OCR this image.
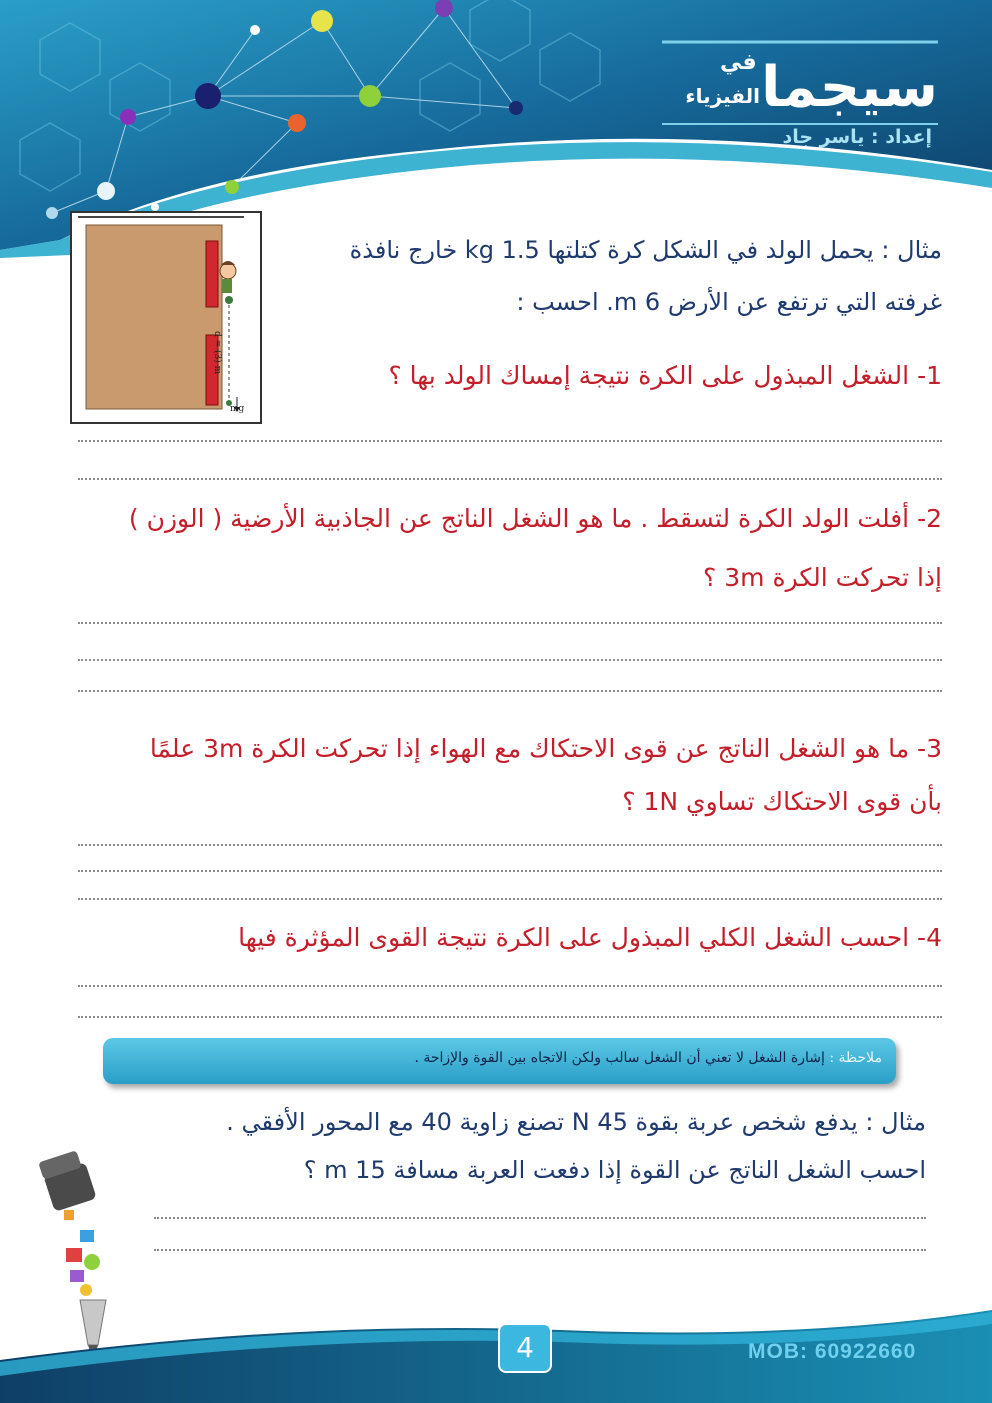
سيجما
في
الفيزياء
إعداد : ياسر جاد
d = (3) m
mg
مثال : يحمل الولد في الشكل كرة كتلتها 1.5 kg خارج نافذة
غرفته التي ترتفع عن الأرض 6 m. احسب :
1- الشغل المبذول على الكرة نتيجة إمساك الولد بها ؟
2- أفلت الولد الكرة لتسقط . ما هو الشغل الناتج عن الجاذبية الأرضية ( الوزن )
إذا تحركت الكرة 3m ؟
3- ما هو الشغل الناتج عن قوى الاحتكاك مع الهواء إذا تحركت الكرة 3m علمًا
بأن قوى الاحتكاك تساوي 1N ؟
4- احسب الشغل الكلي المبذول على الكرة نتيجة القوى المؤثرة فيها
ملاحظة : إشارة الشغل لا تعني أن الشغل سالب ولكن الاتجاه بين القوة والإزاحة .
مثال : يدفع شخص عربة بقوة 45 N تصنع زاوية 40 مع المحور الأفقي .
احسب الشغل الناتج عن القوة إذا دفعت العربة مسافة 15 m ؟
4	MOB: 60922660
